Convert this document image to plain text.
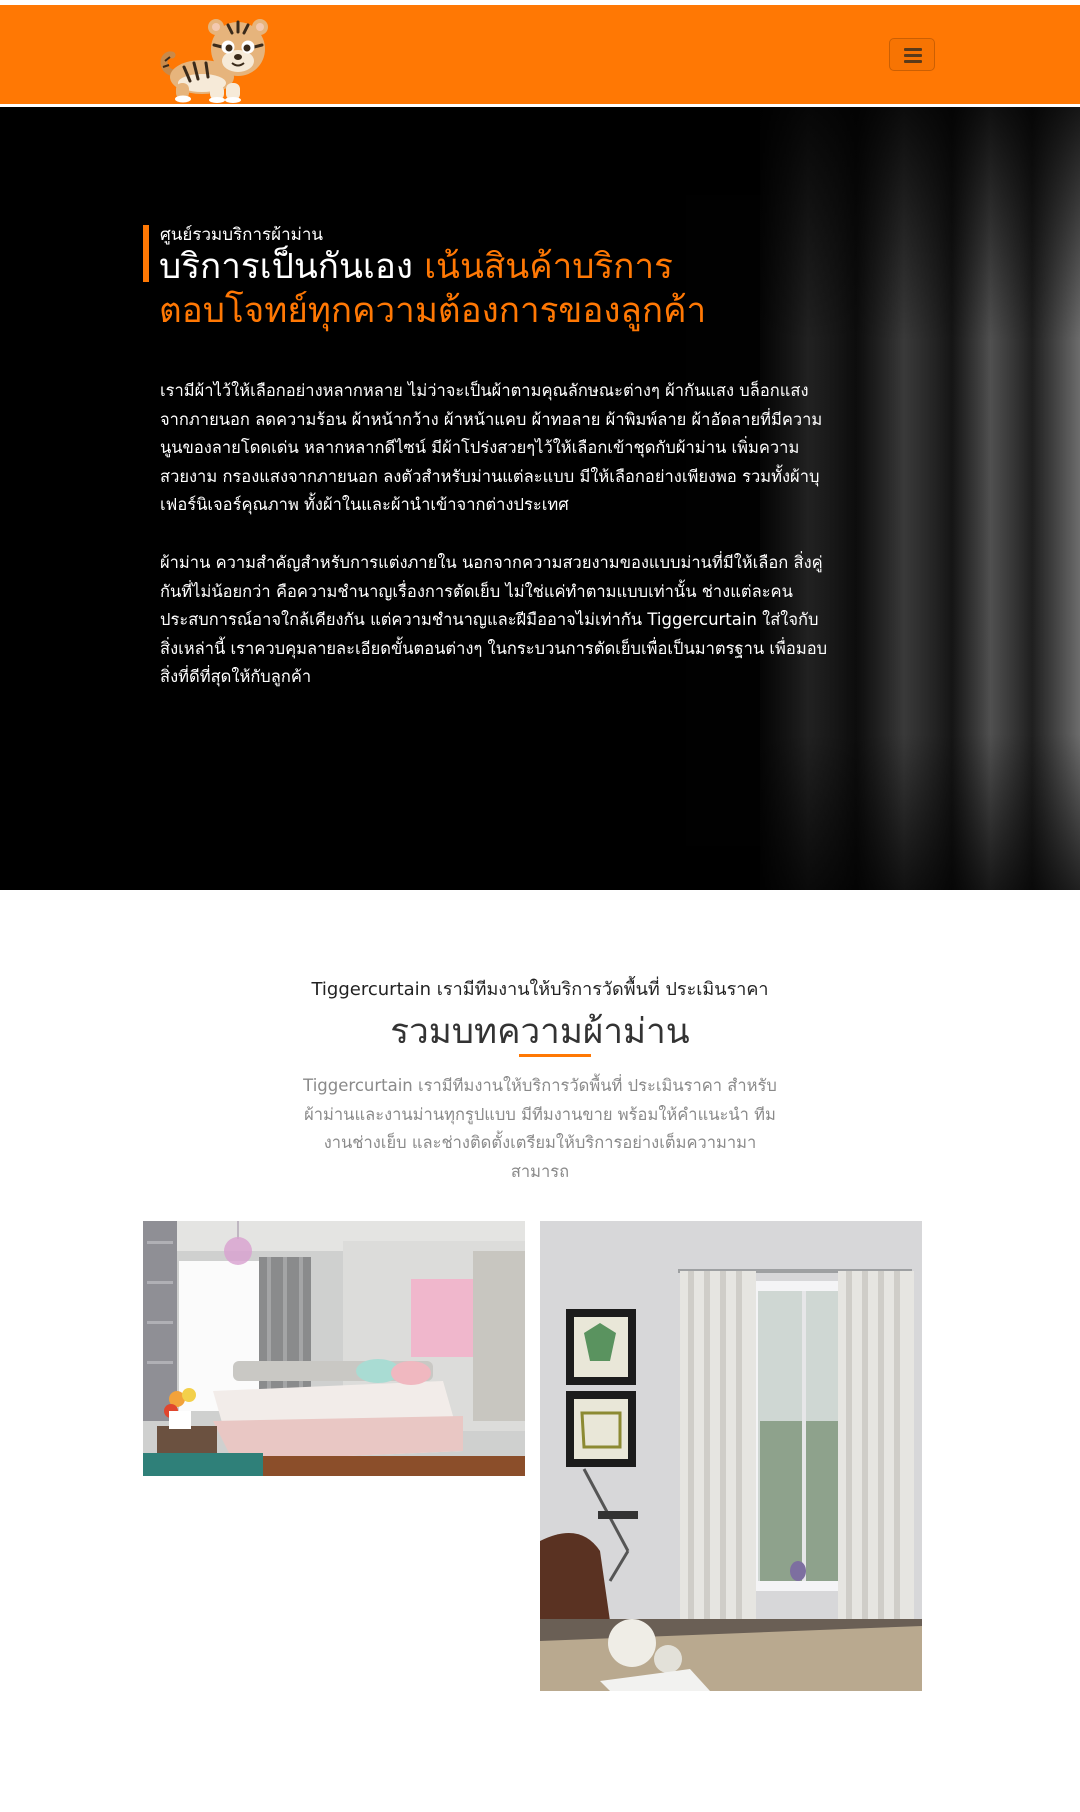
ศูนย์รวมบริการผ้าม่าน
บริการเป็นกันเอง เน้นสินค้าบริการ
ตอบโจทย์ทุกความต้องการของลูกค้า

เรามีผ้าไว้ให้เลือกอย่างหลากหลาย ไม่ว่าจะเป็นผ้าตามคุณลักษณะต่างๆ ผ้ากันแสง บล็อกแสงจากภายนอก ลดความร้อน ผ้าหน้ากว้าง ผ้าหน้าแคบ ผ้าทอลาย ผ้าพิมพ์ลาย ผ้าอัดลายที่มีความนูนของลายโดดเด่น หลากหลากดีไซน์ มีผ้าโปร่งสวยๆไว้ให้เลือกเข้าชุดกับผ้าม่าน เพิ่มความสวยงาม กรองแสงจากภายนอก ลงตัวสำหรับม่านแต่ละแบบ มีให้เลือกอย่างเพียงพอ รวมทั้งผ้าบุเฟอร์นิเจอร์คุณภาพ ทั้งผ้าในและผ้านำเข้าจากต่างประเทศ

ผ้าม่าน ความสำคัญสำหรับการแต่งภายใน นอกจากความสวยงามของแบบม่านที่มีให้เลือก สิ่งคู่กันที่ไม่น้อยกว่า คือความชำนาญเรื่องการตัดเย็บ ไม่ใช่แค่ทำตามแบบเท่านั้น ช่างแต่ละคนประสบการณ์อาจใกล้เคียงกัน แต่ความชำนาญและฝีมืออาจไม่เท่ากัน Tiggercurtain ใส่ใจกับสิ่งเหล่านี้ เราควบคุมลายละเอียดขั้นตอนต่างๆ ในกระบวนการตัดเย็บเพื่อเป็นมาตรฐาน เพื่อมอบสิ่งที่ดีที่สุดให้กับลูกค้า

Tiggercurtain เรามีทีมงานให้บริการวัดพื้นที่ ประเมินราคา
รวมบทความผ้าม่าน

Tiggercurtain เรามีทีมงานให้บริการวัดพื้นที่ ประเมินราคา สำหรับผ้าม่านและงานม่านทุกรูปแบบ มีทีมงานขาย พร้อมให้คำแนะนำ ทีมงานช่างเย็บ และช่างติดตั้งเตรียมให้บริการอย่างเต็มความามาสามารถ
